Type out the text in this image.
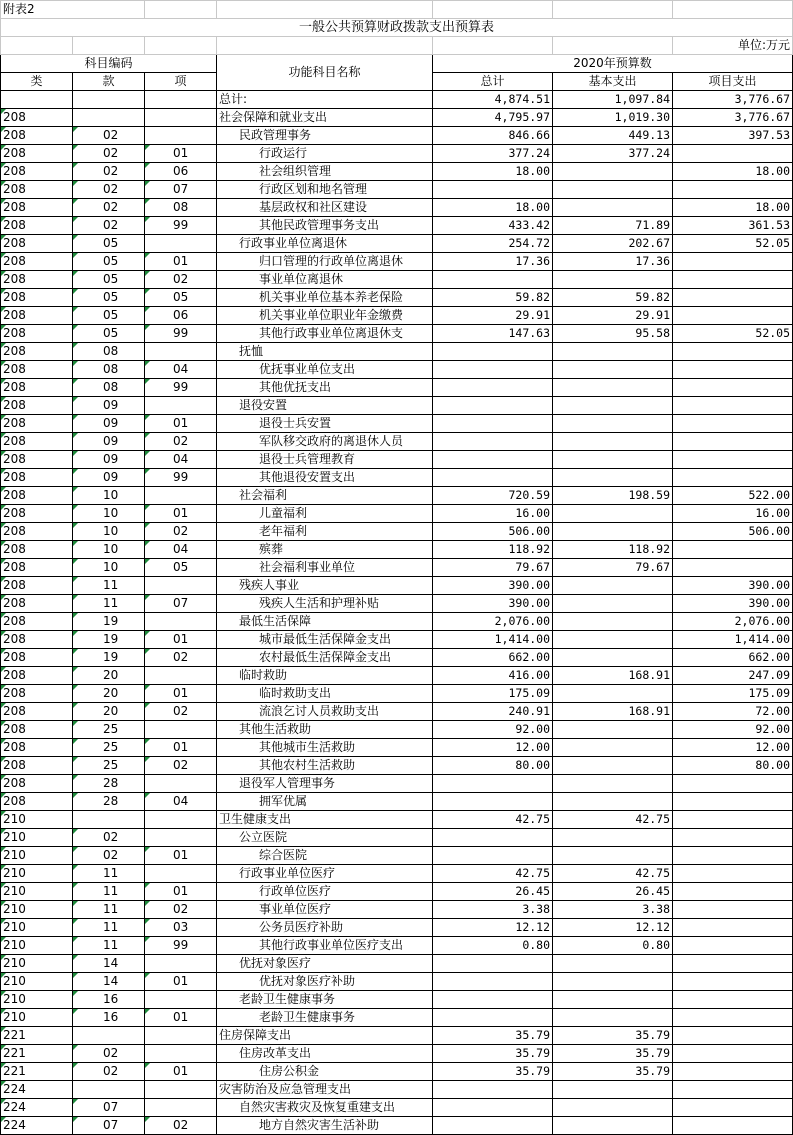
附表2						
一般公共预算财政拨款支出预算表						
						单位:万元
科目编码			功能科目名称	2020年预算数		
类	款	项		总计	基本支出	项目支出
			总计:	4,874.51	1,097.84	3,776.67
208			社会保障和就业支出	4,795.97	1,019.30	3,776.67
208	02		民政管理事务	846.66	449.13	397.53
208	02	01	行政运行	377.24	377.24	
208	02	06	社会组织管理	18.00		18.00
208	02	07	行政区划和地名管理			
208	02	08	基层政权和社区建设	18.00		18.00
208	02	99	其他民政管理事务支出	433.42	71.89	361.53
208	05		行政事业单位离退休	254.72	202.67	52.05
208	05	01	归口管理的行政单位离退休	17.36	17.36	
208	05	02	事业单位离退休			
208	05	05	机关事业单位基本养老保险	59.82	59.82	
208	05	06	机关事业单位职业年金缴费	29.91	29.91	
208	05	99	其他行政事业单位离退休支	147.63	95.58	52.05
208	08		抚恤			
208	08	04	优抚事业单位支出			
208	08	99	其他优抚支出			
208	09		退役安置			
208	09	01	退役士兵安置			
208	09	02	军队移交政府的离退休人员			
208	09	04	退役士兵管理教育			
208	09	99	其他退役安置支出			
208	10		社会福利	720.59	198.59	522.00
208	10	01	儿童福利	16.00		16.00
208	10	02	老年福利	506.00		506.00
208	10	04	殡葬	118.92	118.92	
208	10	05	社会福利事业单位	79.67	79.67	
208	11		残疾人事业	390.00		390.00
208	11	07	残疾人生活和护理补贴	390.00		390.00
208	19		最低生活保障	2,076.00		2,076.00
208	19	01	城市最低生活保障金支出	1,414.00		1,414.00
208	19	02	农村最低生活保障金支出	662.00		662.00
208	20		临时救助	416.00	168.91	247.09
208	20	01	临时救助支出	175.09		175.09
208	20	02	流浪乞讨人员救助支出	240.91	168.91	72.00
208	25		其他生活救助	92.00		92.00
208	25	01	其他城市生活救助	12.00		12.00
208	25	02	其他农村生活救助	80.00		80.00
208	28		退役军人管理事务			
208	28	04	拥军优属			
210			卫生健康支出	42.75	42.75	
210	02		公立医院			
210	02	01	综合医院			
210	11		行政事业单位医疗	42.75	42.75	
210	11	01	行政单位医疗	26.45	26.45	
210	11	02	事业单位医疗	3.38	3.38	
210	11	03	公务员医疗补助	12.12	12.12	
210	11	99	其他行政事业单位医疗支出	0.80	0.80	
210	14		优抚对象医疗			
210	14	01	优抚对象医疗补助			
210	16		老龄卫生健康事务			
210	16	01	老龄卫生健康事务			
221			住房保障支出	35.79	35.79	
221	02		住房改革支出	35.79	35.79	
221	02	01	住房公积金	35.79	35.79	
224			灾害防治及应急管理支出			
224	07		自然灾害救灾及恢复重建支出			
224	07	02	地方自然灾害生活补助			
